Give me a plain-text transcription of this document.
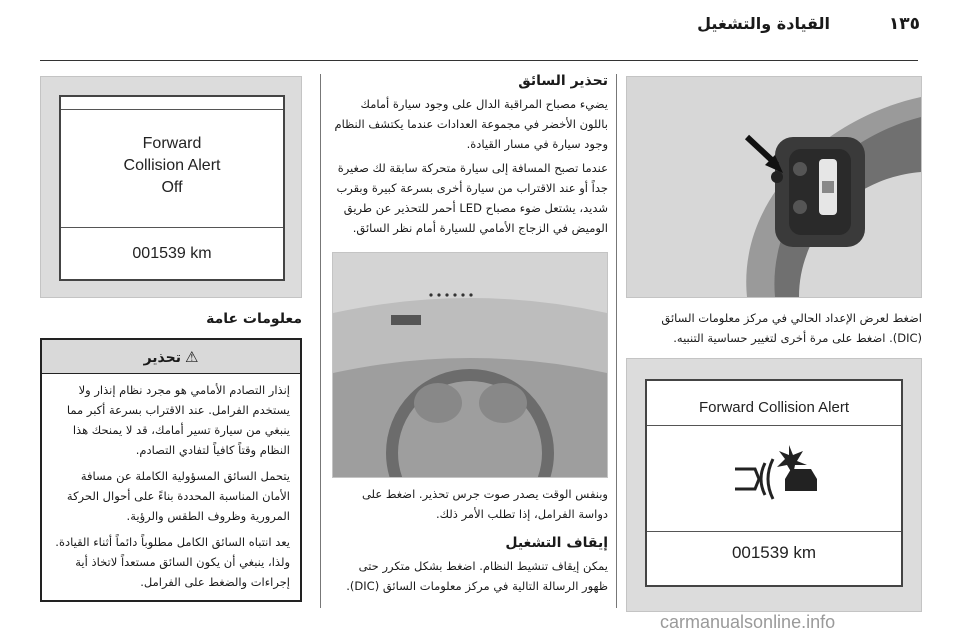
١٣٥
القيادة والتشغيل

اضغط لعرض الإعداد الحالي في مركز معلومات السائق (DIC). اضغط على مرة أخرى لتغيير حساسية التنبيه.

Forward Collision Alert
001539 km
تحذير السائق

يضيء مصباح المراقبة الدال على وجود سيارة أمامك باللون الأخضر في مجموعة العدادات عندما يكتشف النظام وجود سيارة في مسار القيادة.

عندما تصبح المسافة إلى سيارة متحركة سابقة لك صغيرة جداً أو عند الاقتراب من سيارة أخرى بسرعة كبيرة وبقرب شديد، يشتعل ضوء مصباح LED أحمر للتحذير عن طريق الوميض في الزجاج الأمامي للسيارة أمام نظر السائق.

وبنفس الوقت يصدر صوت جرس تحذير. اضغط على دواسة الفرامل، إذا تطلب الأمر ذلك.

إيقاف التشغيل

يمكن إيقاف تنشيط النظام. اضغط بشكل متكرر حتى ظهور الرسالة التالية في مركز معلومات السائق (DIC).

Forward
Collision Alert
Off
001539 km
معلومات عامة
⚠تحذير

إنذار التصادم الأمامي هو مجرد نظام إنذار ولا يستخدم الفرامل. عند الاقتراب بسرعة أكبر مما ينبغي من سيارة تسير أمامك، قد لا يمنحك هذا النظام وقتاً كافياً لتفادي التصادم.

يتحمل السائق المسؤولية الكاملة عن مسافة الأمان المناسبة المحددة بناءً على أحوال الحركة المرورية وظروف الطقس والرؤية.

يعد انتباه السائق الكامل مطلوباً دائماً أثناء القيادة. ولذا، ينبغي أن يكون السائق مستعداً لاتخاذ أية إجراءات والضغط على الفرامل.

carmanualsonline.info
